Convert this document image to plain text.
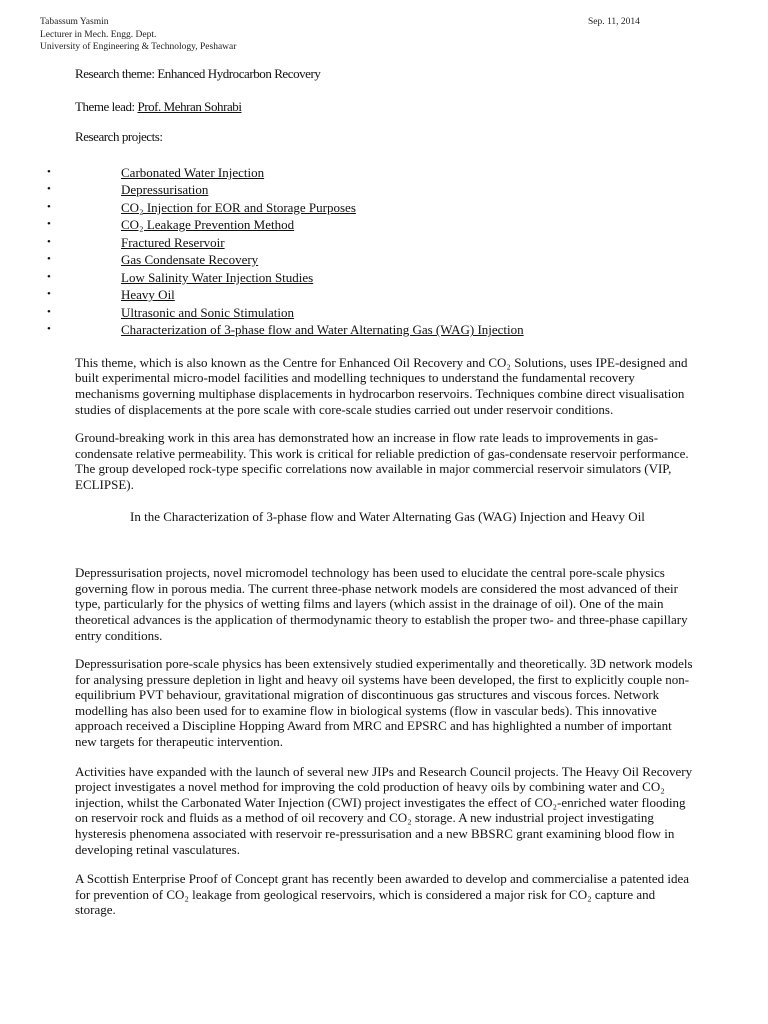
Tabassum Yasmin
Lecturer in Mech. Engg. Dept.
University of Engineering & Technology, Peshawar
Sep. 11, 2014
Research theme: Enhanced Hydrocarbon Recovery
Theme lead: Prof. Mehran Sohrabi
Research projects:
•	Carbonated Water Injection
•	Depressurisation
•	CO₂ Injection for EOR and Storage Purposes
•	CO₂ Leakage Prevention Method
•	Fractured Reservoir
•	Gas Condensate Recovery
•	Low Salinity Water Injection Studies
•	Heavy Oil
•	Ultrasonic and Sonic Stimulation
•	Characterization of 3-phase flow and Water Alternating Gas (WAG) Injection

This theme, which is also known as the Centre for Enhanced Oil Recovery and CO₂ Solutions, uses IPE-designed and built experimental micro-model facilities and modelling techniques to understand the fundamental recovery mechanisms governing multiphase displacements in hydrocarbon reservoirs. Techniques combine direct visualisation studies of displacements at the pore scale with core-scale studies carried out under reservoir conditions.

Ground-breaking work in this area has demonstrated how an increase in flow rate leads to improvements in gas-condensate relative permeability. This work is critical for reliable prediction of gas-condensate reservoir performance. The group developed rock-type specific correlations now available in major commercial reservoir simulators (VIP, ECLIPSE).

In the Characterization of 3-phase flow and Water Alternating Gas (WAG) Injection and Heavy Oil

Depressurisation projects, novel micromodel technology has been used to elucidate the central pore-scale physics governing flow in porous media. The current three-phase network models are considered the most advanced of their type, particularly for the physics of wetting films and layers (which assist in the drainage of oil). One of the main theoretical advances is the application of thermodynamic theory to establish the proper two- and three-phase capillary entry conditions.

Depressurisation pore-scale physics has been extensively studied experimentally and theoretically. 3D network models for analysing pressure depletion in light and heavy oil systems have been developed, the first to explicitly couple non-equilibrium PVT behaviour, gravitational migration of discontinuous gas structures and viscous forces. Network modelling has also been used for to examine flow in biological systems (flow in vascular beds). This innovative approach received a Discipline Hopping Award from MRC and EPSRC and has highlighted a number of important new targets for therapeutic intervention.

Activities have expanded with the launch of several new JIPs and Research Council projects. The Heavy Oil Recovery project investigates a novel method for improving the cold production of heavy oils by combining water and CO₂ injection, whilst the Carbonated Water Injection (CWI) project investigates the effect of CO₂-enriched water flooding on reservoir rock and fluids as a method of oil recovery and CO₂ storage. A new industrial project investigating hysteresis phenomena associated with reservoir re-pressurisation and a new BBSRC grant examining blood flow in developing retinal vasculatures.

A Scottish Enterprise Proof of Concept grant has recently been awarded to develop and commercialise a patented idea for prevention of CO₂ leakage from geological reservoirs, which is considered a major risk for CO₂ capture and storage.
